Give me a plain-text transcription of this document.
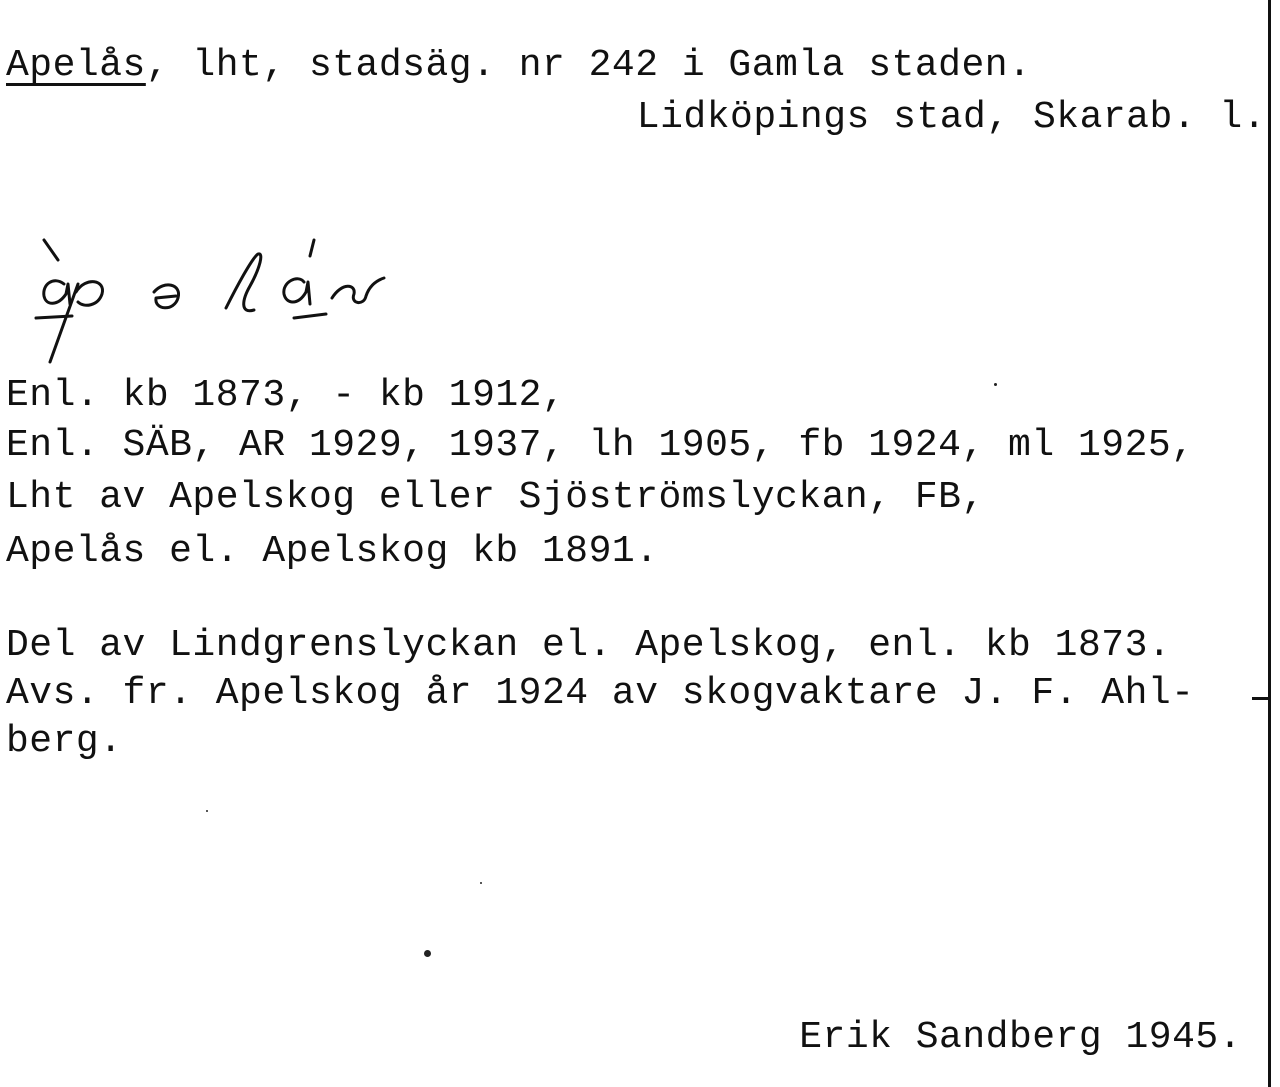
Apelås, lht, stadsäg. nr 242 i Gamla staden.
Lidköpings stad, Skarab. l.
Enl. kb 1873, - kb 1912,
Enl. SÄB, AR 1929, 1937, lh 1905, fb 1924, ml 1925,
Lht av Apelskog eller Sjöströmslyckan, FB,
Apelås el. Apelskog kb 1891.
Del av Lindgrenslyckan el. Apelskog, enl. kb 1873.
Avs. fr. Apelskog år 1924 av skogvaktare J. F. Ahl-
berg.
Erik Sandberg 1945.
